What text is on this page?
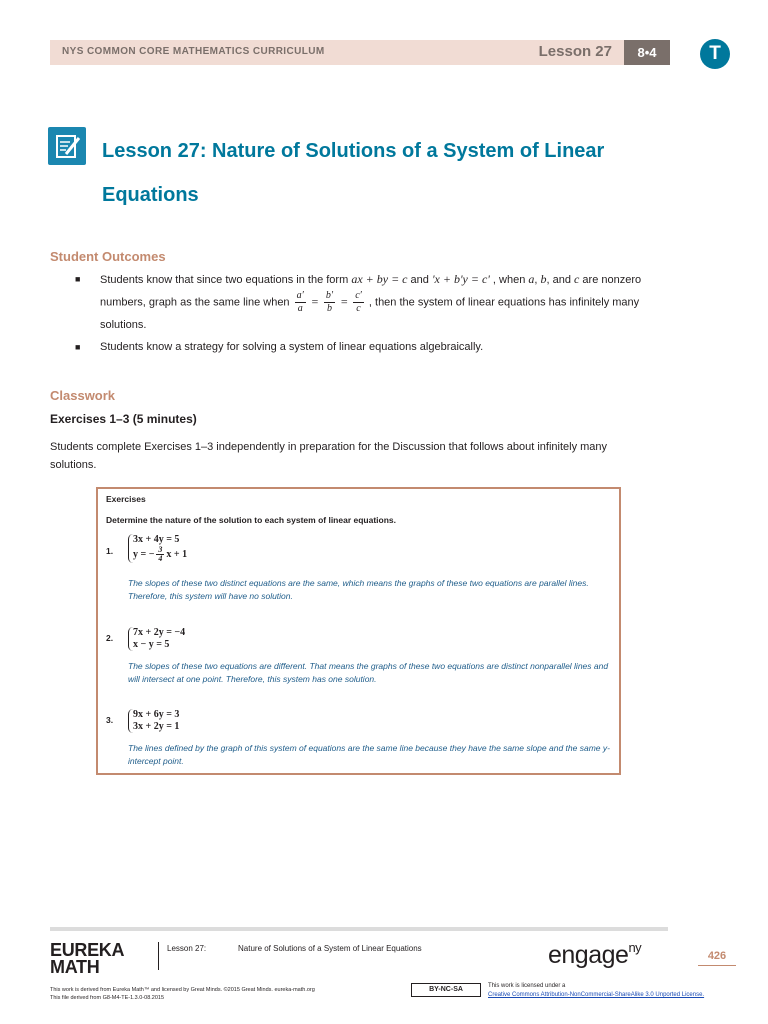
NYS COMMON CORE MATHEMATICS CURRICULUM	Lesson 27	8•4	T
Lesson 27: Nature of Solutions of a System of Linear Equations
Student Outcomes
■ Students know that since two equations in the form ax + by = c and 'x + b'y = c' , when a, b, and c are nonzero numbers, graph as the same line when $\frac{a'}{a} = \frac{b'}{b} = \frac{c'}{c}$ , then the system of linear equations has infinitely many solutions.
■ Students know a strategy for solving a system of linear equations algebraically.
Classwork
Exercises 1–3 (5 minutes)
Students complete Exercises 1–3 independently in preparation for the Discussion that follows about infinitely many solutions.
Exercises
Determine the nature of the solution to each system of linear equations.
1.
3x + 4y = 5
y = − $\frac{3}{4}$ x + 1
The slopes of these two distinct equations are the same, which means the graphs of these two equations are parallel lines. Therefore, this system will have no solution.
2. 7x + 2y = −4
x − y = 5
The slopes of these two equations are different. That means the graphs of these two equations are distinct nonparallel lines and will intersect at one point. Therefore, this system has one solution.
3. 9x + 6y = 3
3x + 2y = 1
The lines defined by the graph of this system of equations are the same line because they have the same slope and the same y-intercept point.
EUREKA
MATH
Lesson 27:	Nature of Solutions of a System of Linear Equations	engage$^{ny}$
426
This work is derived from Eureka Math™ and licensed by Great Minds. ©2015 Great Minds. eureka-math.org
This file derived from G8-M4-TE-1.3.0-08.2015
BY-NC-SA	This work is licensed under a
Creative Commons Attribution-NonCommercial-ShareAlike 3.0 Unported License.
